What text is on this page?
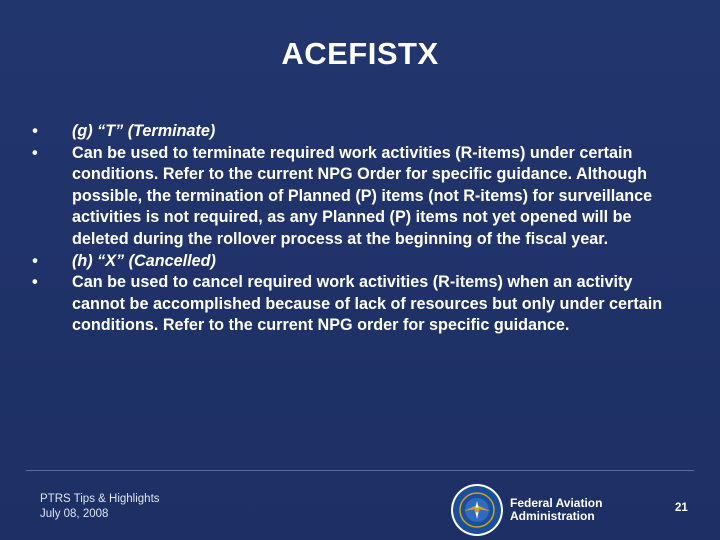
ACEFISTX
• (g) “T” (Terminate)
• Can be used to terminate required work activities (R-items) under certain conditions. Refer to the current NPG Order for specific guidance. Although possible, the termination of Planned (P) items (not R-items) for surveillance activities is not required, as any Planned (P) items not yet opened will be deleted during the rollover process at the beginning of the fiscal year.
• (h) “X” (Cancelled)
• Can be used to cancel required work activities (R-items) when an activity cannot be accomplished because of lack of resources but only under certain conditions. Refer to the current NPG order for specific guidance.
PTRS Tips & Highlights
July 08, 2008
Federal Aviation
Administration
21
